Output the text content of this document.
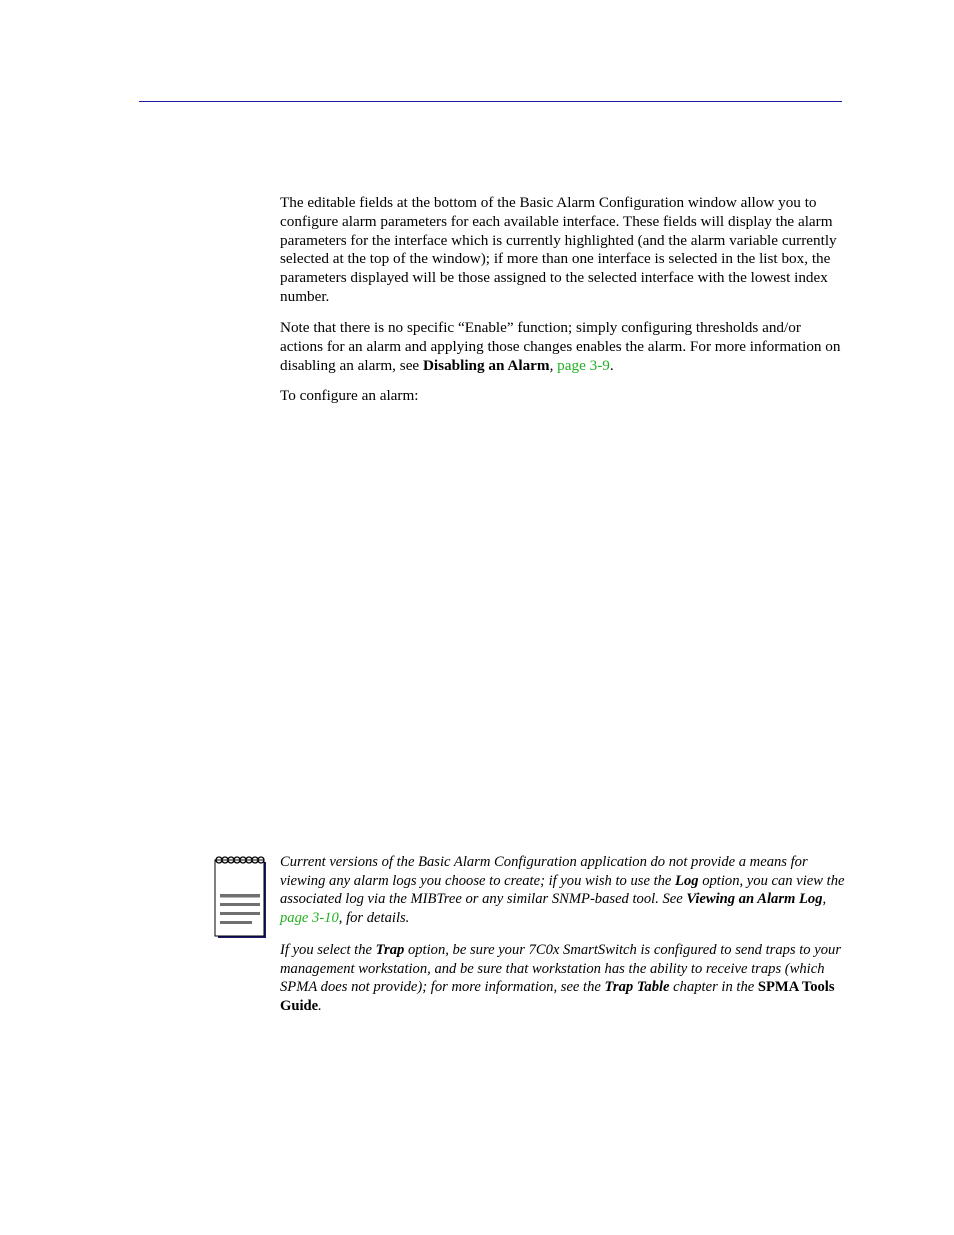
The editable fields at the bottom of the Basic Alarm Configuration window allow you to configure alarm parameters for each available interface. These fields will display the alarm parameters for the interface which is currently highlighted (and the alarm variable currently selected at the top of the window); if more than one interface is selected in the list box, the parameters displayed will be those assigned to the selected interface with the lowest index number.

Note that there is no specific “Enable” function; simply configuring thresholds and/or actions for an alarm and applying those changes enables the alarm. For more information on disabling an alarm, see Disabling an Alarm, page 3-9.

To configure an alarm:

Current versions of the Basic Alarm Configuration application do not provide a means for viewing any alarm logs you choose to create; if you wish to use the Log option, you can view the associated log via the MIBTree or any similar SNMP-based tool. See Viewing an Alarm Log, page 3-10, for details.

If you select the Trap option, be sure your 7C0x SmartSwitch is configured to send traps to your management workstation, and be sure that workstation has the ability to receive traps (which SPMA does not provide); for more information, see the Trap Table chapter in the SPMA Tools Guide.
